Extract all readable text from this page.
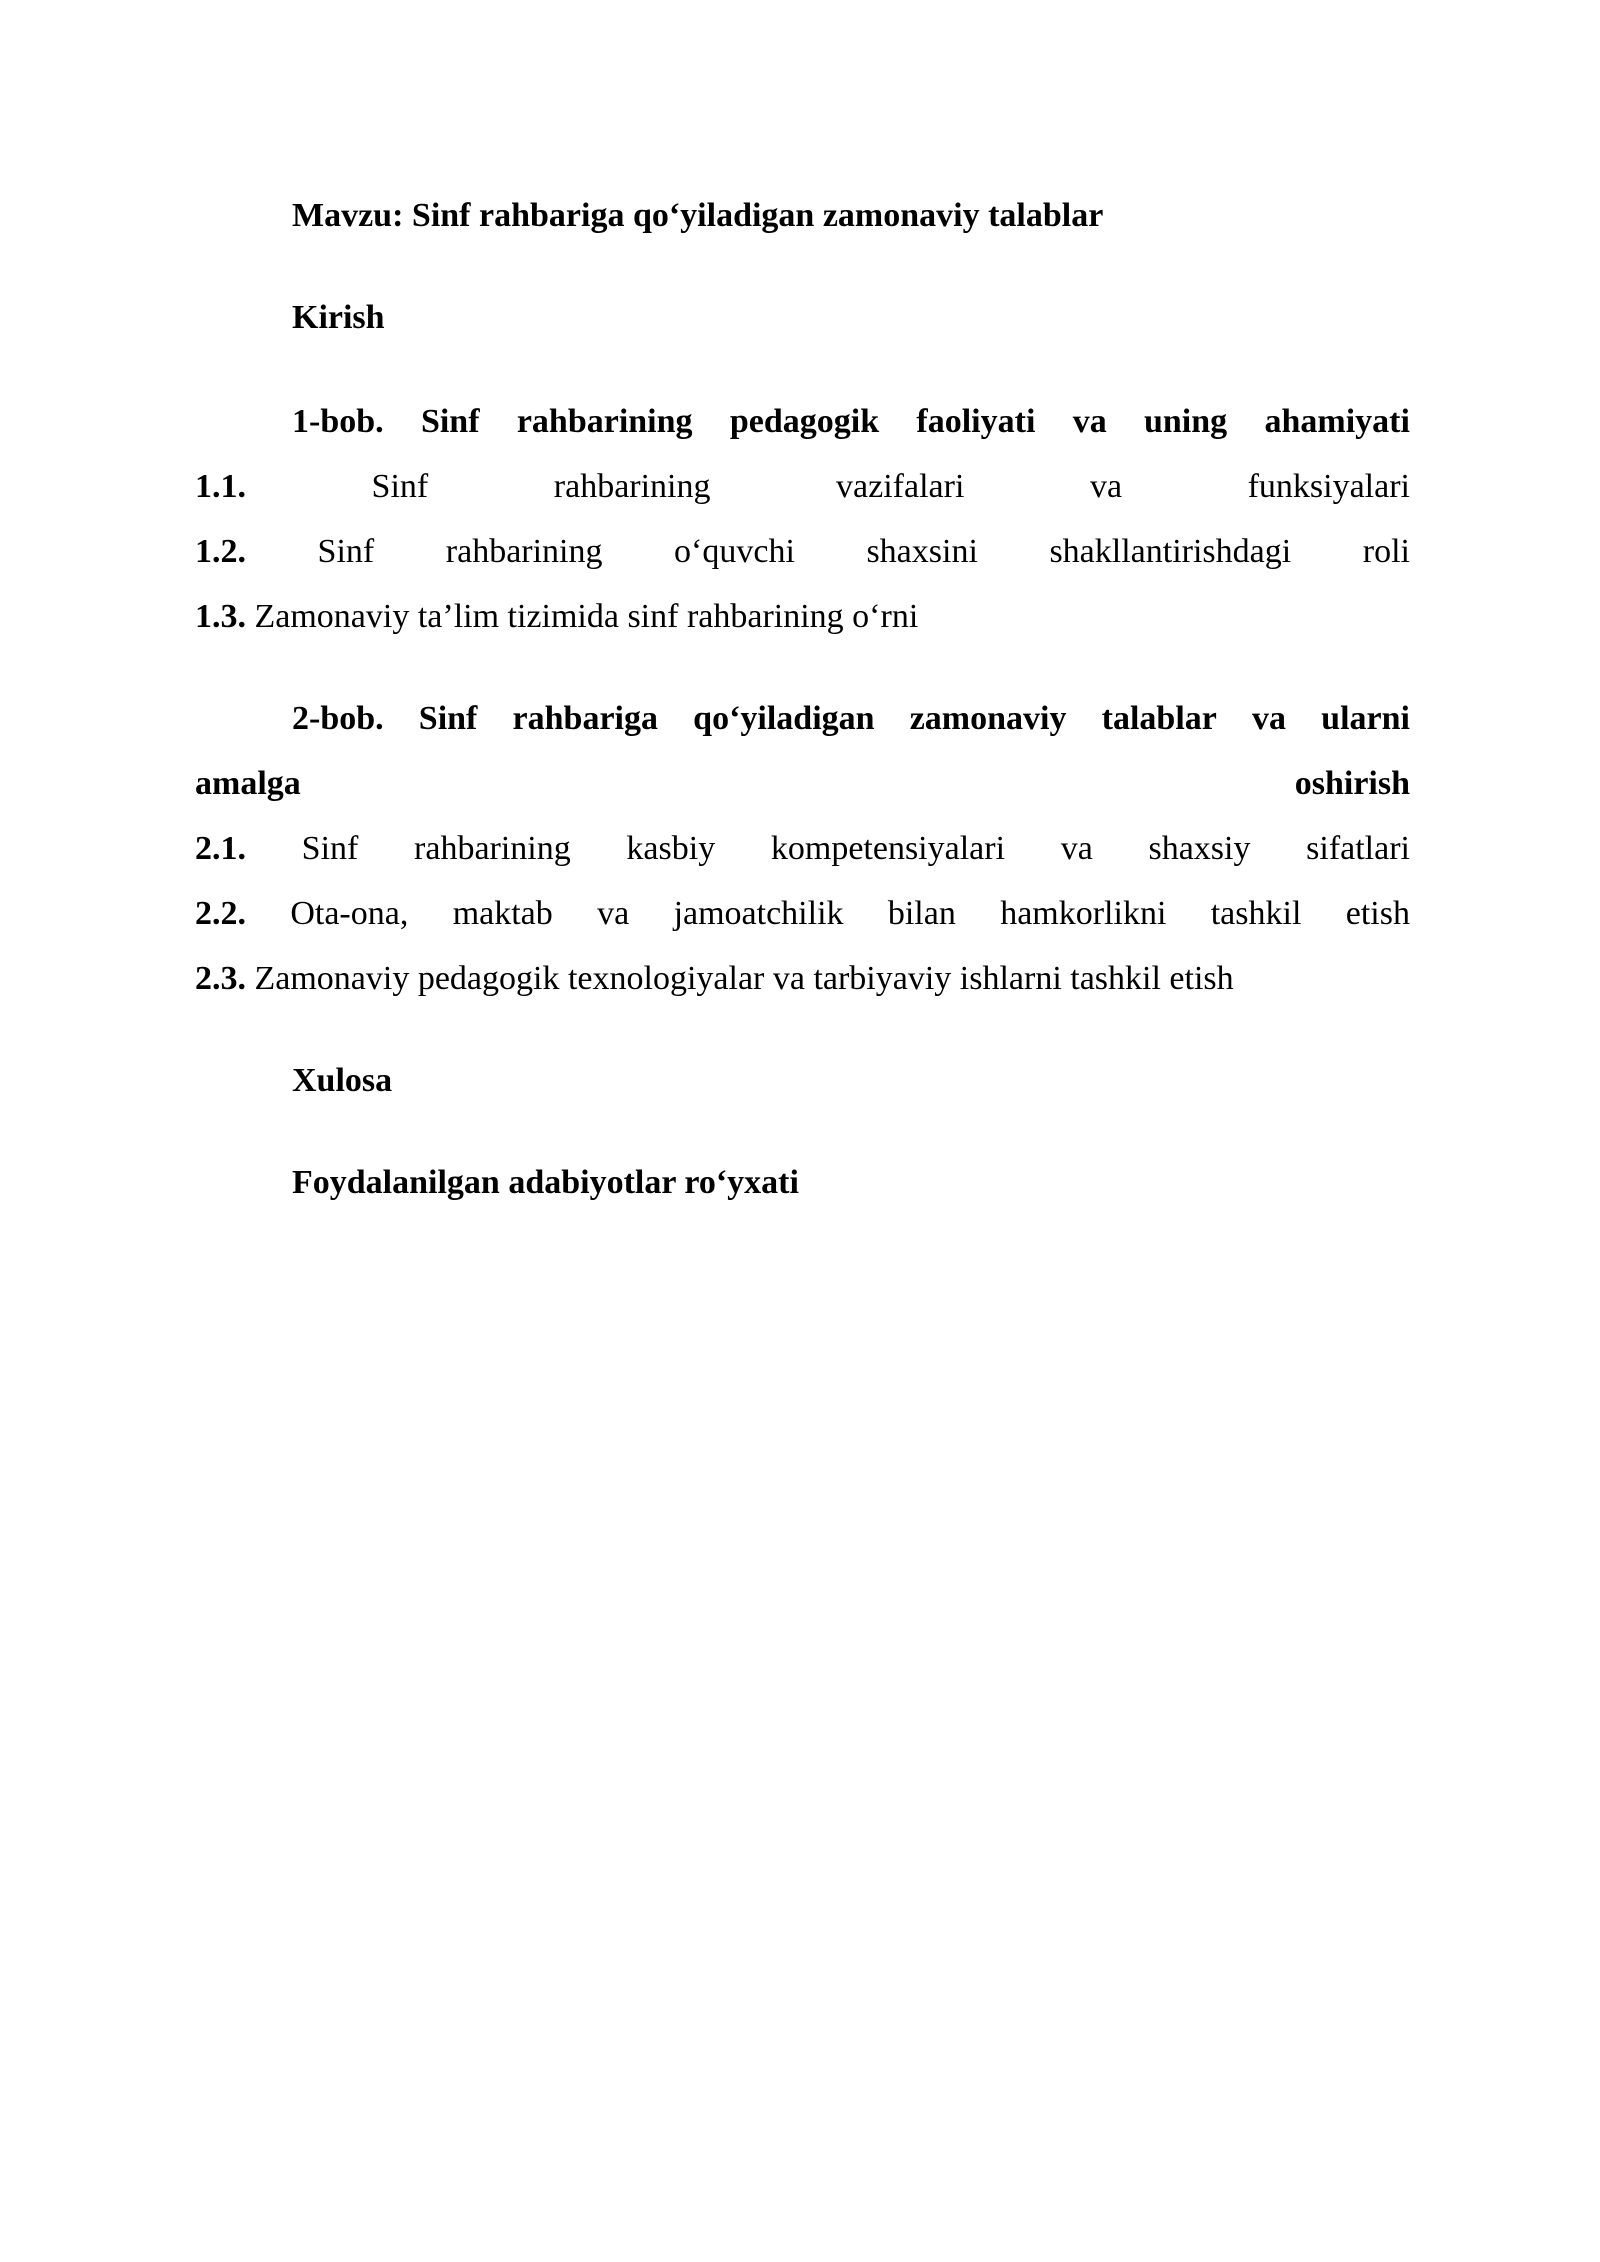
Mavzu: Sinf rahbariga qo‘yiladigan zamonaviy talablar
Kirish
1-bob. Sinf rahbarining pedagogik faoliyati va uning ahamiyati
1.1.	Sinf	rahbarining	vazifalari	va	funksiyalari
1.2. Sinf rahbarining o‘quvchi shaxsini shakllantirishdagi roli
1.3. Zamonaviy ta’lim tizimida sinf rahbarining o‘rni
2-bob. Sinf rahbariga qo‘yiladigan zamonaviy talablar va ularni
amalga	oshirish
2.1. Sinf rahbarining kasbiy kompetensiyalari va shaxsiy sifatlari
2.2. Ota-ona, maktab va jamoatchilik bilan hamkorlikni tashkil etish
2.3. Zamonaviy pedagogik texnologiyalar va tarbiyaviy ishlarni tashkil etish
Xulosa
Foydalanilgan adabiyotlar ro‘yxati
